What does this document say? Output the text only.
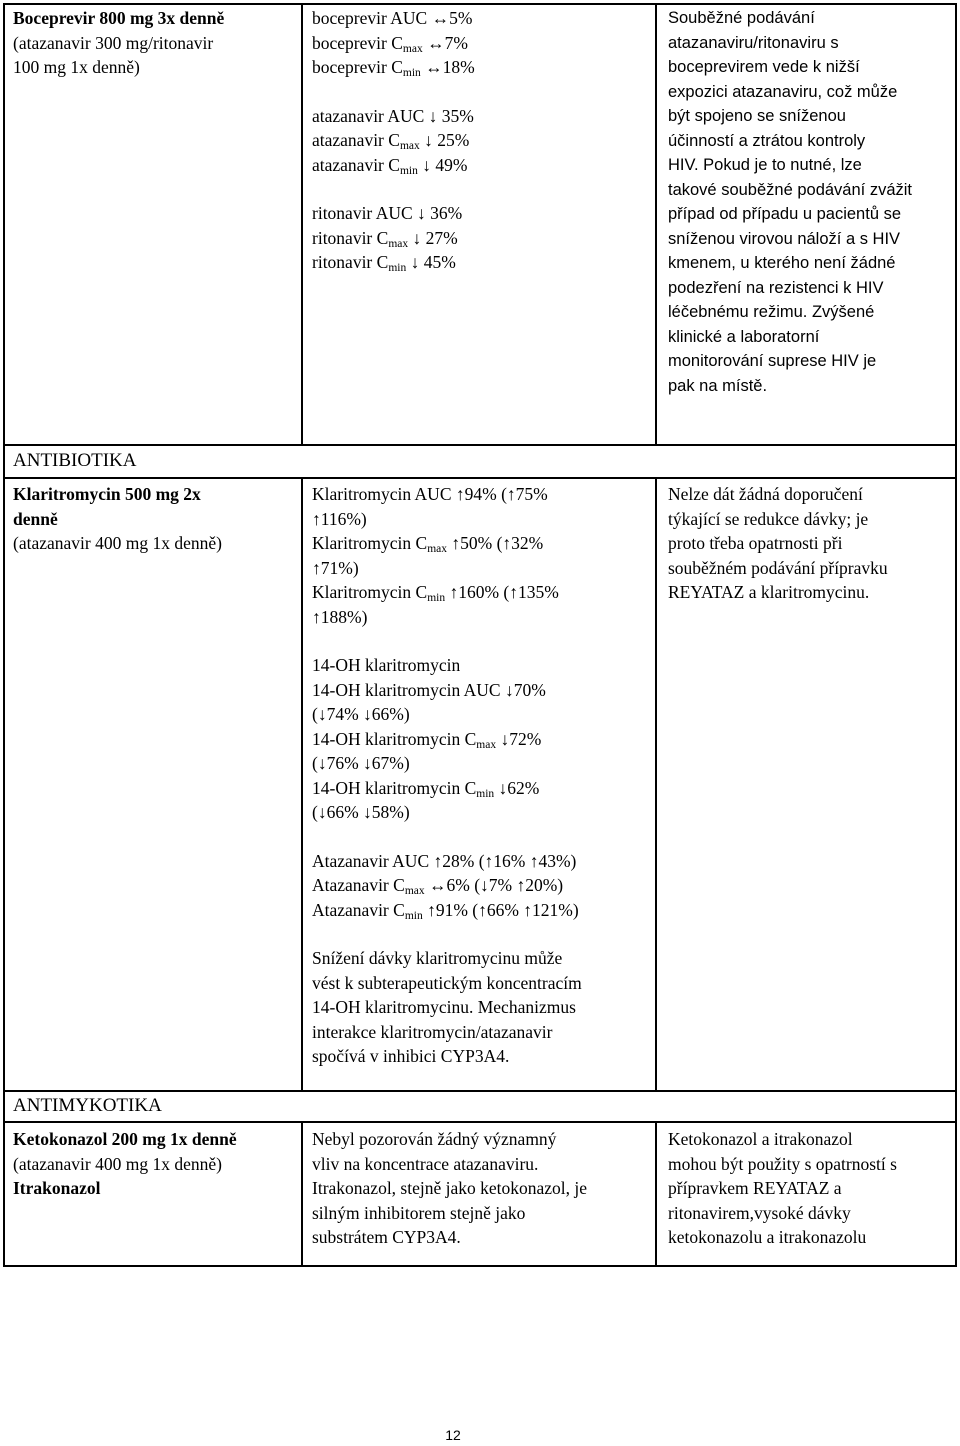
Boceprevir 800 mg 3x denně

(atazanavir 300 mg/ritonavir

100 mg 1x denně)

boceprevir AUC ↔5%

boceprevir $C_{max}$ ↔7%

boceprevir $C_{min}$ ↔18%

atazanavir AUC ↓ 35%

atazanavir $C_{max}$ ↓ 25%

atazanavir $C_{min}$ ↓ 49%

ritonavir AUC ↓ 36%

ritonavir $C_{max}$ ↓ 27%

ritonavir $C_{min}$ ↓ 45%

Souběžné podávání

atazanaviru/ritonaviru s

boceprevirem vede k nižší

expozici atazanaviru, což může

být spojeno se sníženou

účinností a ztrátou kontroly

HIV. Pokud je to nutné, lze

takové souběžné podávání zvážit

případ od případu u pacientů se

sníženou virovou náloží a s HIV

kmenem, u kterého není žádné

podezření na rezistenci k HIV

léčebnému režimu. Zvýšené

klinické a laboratorní

monitorování suprese HIV je

pak na místě.

ANTIBIOTIKA

Klaritromycin 500 mg 2x

denně

(atazanavir 400 mg 1x denně)

Klaritromycin AUC ↑94% (↑75%

↑116%)

Klaritromycin $C_{max}$ ↑50% (↑32%

↑71%)

Klaritromycin $C_{min}$ ↑160% (↑135%

↑188%)

14-OH klaritromycin

14-OH klaritromycin AUC ↓70%

(↓74% ↓66%)

14-OH klaritromycin $C_{max}$ ↓72%

(↓76% ↓67%)

14-OH klaritromycin $C_{min}$ ↓62%

(↓66% ↓58%)

Atazanavir AUC ↑28% (↑16% ↑43%)

Atazanavir $C_{max}$ ↔6% (↓7% ↑20%)

Atazanavir $C_{min}$ ↑91% (↑66% ↑121%)

Snížení dávky klaritromycinu může

vést k subterapeutickým koncentracím

14-OH klaritromycinu. Mechanizmus

interakce klaritromycin/atazanavir

spočívá v inhibici CYP3A4.

Nelze dát žádná doporučení

týkající se redukce dávky; je

proto třeba opatrnosti při

souběžném podávání přípravku

REYATAZ a klaritromycinu.

ANTIMYKOTIKA

Ketokonazol 200 mg 1x denně

(atazanavir 400 mg 1x denně)

Itrakonazol

Nebyl pozorován žádný významný

vliv na koncentrace atazanaviru.

Itrakonazol, stejně jako ketokonazol, je

silným inhibitorem stejně jako

substrátem CYP3A4.

Ketokonazol a itrakonazol

mohou být použity s opatrností s

přípravkem REYATAZ a

ritonavirem,vysoké dávky

ketokonazolu a itrakonazolu

12
